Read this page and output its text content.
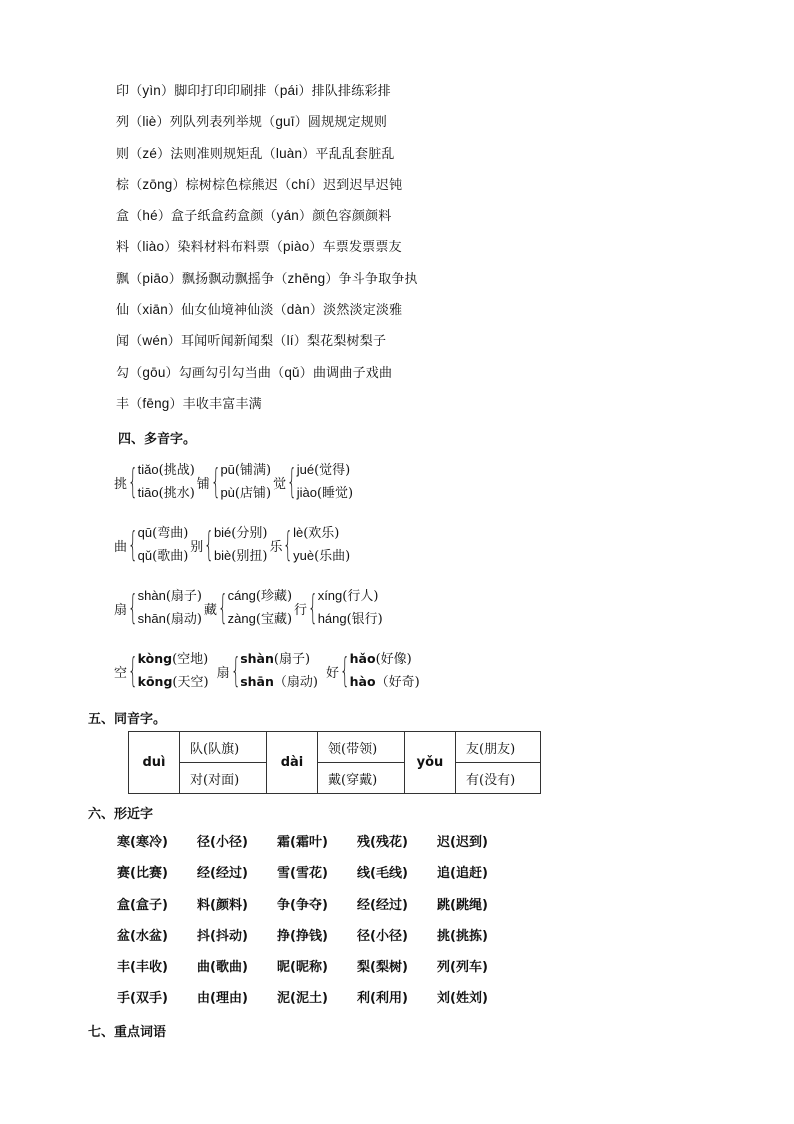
印（yìn）脚印打印印刷排（pái）排队排练彩排
列（liè）列队列表列举规（guī）圆规规定规则
则（zé）法则准则规矩乱（luàn）平乱乱套脏乱
棕（zōng）棕树棕色棕熊迟（chí）迟到迟早迟钝
盒（hé）盒子纸盒药盒颜（yán）颜色容颜颜料
料（liào）染料材料布料票（piào）车票发票票友
飘（piāo）飘扬飘动飘摇争（zhēng）争斗争取争执
仙（xiān）仙女仙境神仙淡（dàn）淡然淡定淡雅
闻（wén）耳闻听闻新闻梨（lí）梨花梨树梨子
勾（gōu）勾画勾引勾当曲（qǔ）曲调曲子戏曲
丰（fēng）丰收丰富丰满
四、多音字。
挑 { tiǎo(挑战)
tiāo(挑水)
铺 { pū(铺满)
pù(店铺)
觉 { jué(觉得)
jiào(睡觉)
曲 { qū(弯曲)
qǔ(歌曲)
别 { bié(分别)
biè(别扭)
乐 { lè(欢乐)
yuè(乐曲)
扇 { shàn(扇子)
shān(扇动)
藏 { cáng(珍藏)
zàng(宝藏)
行 { xíng(行人)
háng(银行)
空 { kòng(空地)
kōng(天空)
扇 { shàn(扇子)
shān（扇动)
好 { hǎo(好像)
hào（好奇)
五、同音字。
duì	队(队旗)	dài	领(带领)	yǒu	友(朋友)
	对(对面)		戴(穿戴)		有(没有)
六、形近字
寒(寒冷)	径(小径)	霜(霜叶)	残(残花)	迟(迟到)
赛(比赛)	经(经过)	雪(雪花)	线(毛线)	追(追赶)
盒(盒子)	料(颜料)	争(争夺)	经(经过)	跳(跳绳)
盆(水盆)	抖(抖动)	挣(挣钱)	径(小径)	挑(挑拣)
丰(丰收)	曲(歌曲)	昵(昵称)	梨(梨树)	列(列车)
手(双手)	由(理由)	泥(泥土)	利(利用)	刘(姓刘)
七、重点词语
